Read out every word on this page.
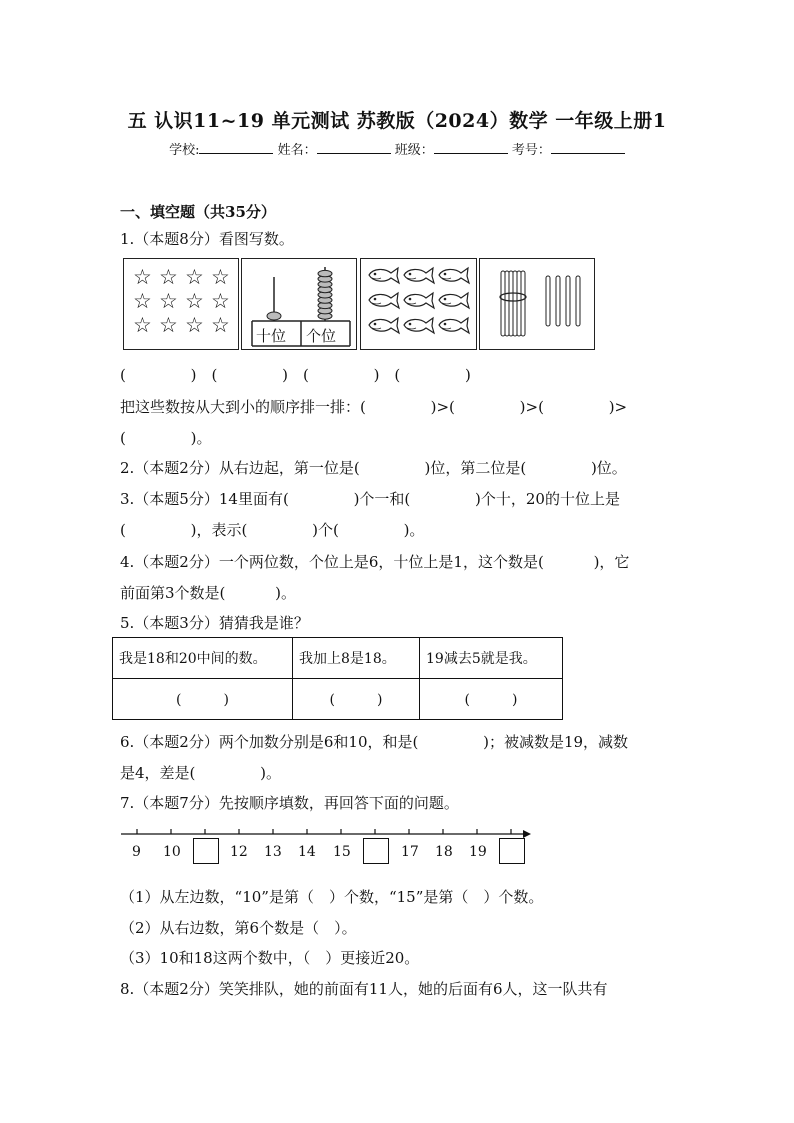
五 认识11~19 单元测试 苏教版（2024）数学 一年级上册1
学校:	姓名：	班级：	考号：
一、填空题（共35分）
1.（本题8分）看图写数。
☆ ☆ ☆ ☆
☆ ☆ ☆ ☆
☆ ☆ ☆ ☆ 十位 个位
(　　　　 )　(　　　　 )　(　　　　 )　(　　　　 )
把这些数按从大到小的顺序排一排：(　　　　 )>(　　　　 )>(　　　　 )>
(　　　　 )。
2.（本题2分）从右边起，第一位是(　　　　 )位，第二位是(　　　　 )位。
3.（本题5分）14里面有(　　　　 )个一和(　　　　 )个十，20的十位上是
(　　　　 )，表示(　　　　 )个(　　　　 )。
4.（本题2分）一个两位数，个位上是6，十位上是1，这个数是(　　　 )，它
前面第3个数是(　　　 )。
5.（本题3分）猜猜我是谁？
我是18和20中间的数。	我加上8是18。	19减去5就是我。
(　　　)	(　　　)	(　　　)
6.（本题2分）两个加数分别是6和10，和是(　　　　 )；被减数是19，减数
是4，差是(　　　　 )。
7.（本题7分）先按顺序填数，再回答下面的问题。
9 10	12 13 14 15	17 18 19
（1）从左边数，“10”是第（　）个数，“15”是第（　）个数。
（2）从右边数，第6个数是（　）。
（3）10和18这两个数中，（　）更接近20。
8.（本题2分）笑笑排队，她的前面有11人，她的后面有6人，这一队共有
